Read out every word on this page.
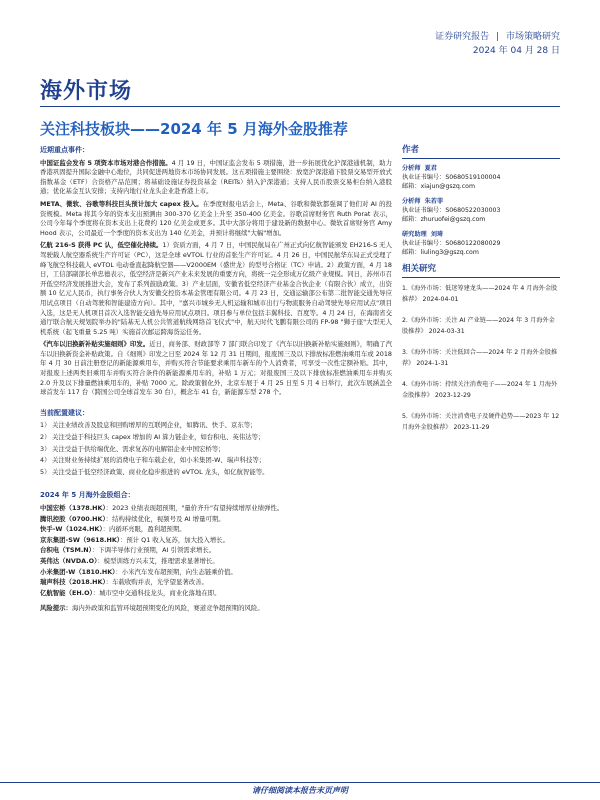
证券研究报告 | 市场策略研究
2024 年 04 月 28 日
海外市场
关注科技板块——2024 年 5 月海外金股推荐
近期重点事件：

中国证监会发布 5 项资本市场对港合作措施。4 月 19 日，中国证监会发布 5 项措施，进一步拓展优化沪深港通机制，助力香港巩固提升国际金融中心地位，共同促进两地资本市场协同发展。这五项措施主要围绕：放宽沪深港通下股票交易型开放式指数基金（ETF）合资格产品范围；将基础设施证券投资基金（REITs）纳入沪深港通；支持人民币股票交易柜台纳入港股通；优化基金互认安排；支持内地行业龙头企业赴香港上市。

META、微软、谷歌等科技巨头预计加大 capex 投入。在季度财报电话会上，Meta、谷歌和微软都强调了他们对 AI 的投资规模。Meta 将其今年的资本支出预测由 300-370 亿美金上升至 350-400 亿美金。谷歌首席财务官 Ruth Porat 表示，公司今年每个季度将在资本支出上花费约 120 亿美金或更多。其中大部分将用于建设新的数据中心。微软首席财务官 Amy Hood 表示，公司最近一个季度的资本支出为 140 亿美金，并预计将继续"大幅"增加。

亿航 216-S 获得 PC 认，低空催化持续。1）资质方面，4 月 7 日，中国民航局在广州正式向亿航智能颁发 EH216-S 无人驾驶载人航空器系统生产许可证（PC），这是全球 eVTOL 行业的首张生产许可证。4 月 26 日，中国民航华东局正式受理了峰飞航空科技载人 eVTOL 电动垂直起降航空器——V2000EM（盛世龙）的型号合格证（TC）申请。2）政策方面，4 月 18 日，工信部副部长单忠德表示，低空经济是新兴产业未来发展的重要方向，将统一完全形成万亿级产业规模。同日，苏州市召开低空经济发展推进大会，发布了系列鼓励政策。3）产业层面，安徽省低空经济产业基金合伙企业（有限合伙）成立，出资额 10 亿元人民币，执行事务合伙人为安徽交控资本基金管理有限公司。4 月 23 日，交通运输部公布第二批智能交通先导应用试点项目（自动驾驶和智能建造方向）。其中，"嘉兴市城乡无人机运输和城市出行与物流服务自动驾驶先导应用试点"项目入选，这是无人机项目首次入选智能交通先导应用试点项目。项目参与单位包括丰翼科技、百度等。4 月 24 日，在海南省交通厅联合航天规划院举办的"陆基无人机公共管道航线网络首飞仪式"中，航天时代飞鹏有限公司的 FP-98 "狮子座"大型无人机系统（起飞重量 5.25 吨）实施首次邮运跨海货运任务。

《汽车以旧换新补贴实施细则》印发。近日，商务部、财政部等 7 部门联合印发了《汽车以旧换新补贴实施细则》，明确了汽车以旧换新资金补贴政策。自《细则》印发之日至 2024 年 12 月 31 日期间，报废国三及以下排放标准燃油乘用车或 2018 年 4 月 30 日前注册登记的新能源乘用车，并购买符合节能要求乘用车新车的个人消费者，可享受一次性定额补贴。其中，对报废上述两类旧乘用车并购买符合条件的新能源乘用车的，补贴 1 万元；对报废国三及以下排放标准燃油乘用车并购买 2.0 升及以下排量燃油乘用车的，补贴 7000 元。除政策催化外，北京车展于 4 月 25 日至 5 月 4 日举行，此次车展涵盖全球首发车 117 台（跨国公司全球首发车 30 台），概念车 41 台，新能源车型 278 个。

当前配置建议：
1） 关注业绩改善及股息和回购增厚的互联网企业，如腾讯、快手、京东等；
2） 关注受益于科技巨头 capex 增加的 AI 算力链企业，如台积电、英伟达等；
3） 关注受益于供给端优化、需求复苏的电解铝企业中国宏桥等；
4） 关注财业务持续扩展的消费电子和车载企业，如小米集团-W、瑞声科技等；
5） 关注受益于低空经济政策、商业化稳步推进的 eVTOL 龙头，如亿航智能等。
2024 年 5 月海外金股组合：
中国宏桥（1378.HK）：2023 业绩表现超预期，"量价齐升"有望持续增厚业绩弹性。
腾讯控股（0700.HK）：结构持续优化，视频号及 AI 增量可期。
快手-W（1024.HK）：内循环亮眼，盈利超预期。
京东集团-SW（9618.HK）：预计 Q1 收入复苏，加大投入增长。
台积电（TSM.N）：下调半导体行业预期，AI 引领需求增长。
英伟达（NVDA.O）：模型训练方兴未艾，推理需求显著增长。
小米集团-W（1810.HK）：小米汽车发布超预期，向生态链乘价值。
瑞声科技（2018.HK）：车载收购并表，光学望显著改善。
亿航智能（EH.O）：城市空中交通科技龙头，商业化落地在即。
风险提示：海内外政策和监管环境超预期变化的风险，赛道竞争超预期的风险。
作者
分析师 夏君
执业证书编号：S0680519100004
邮箱：xiajun@gszq.com
分析师 朱若菲
执业证书编号：S0680522030003
邮箱：zhuruofei@gszq.com
研究助理 刘琦
执业证书编号：S0680122080029
邮箱：liuling3@gszq.com
相关研究
1.《海外市场：低迷筹建龙头——2024 年 4 月海外金股推荐》 2024-04-01
2.《海外市场：关注 AI 产业链——2024 年 3 月海外金股推荐》 2024-03-31
3.《海外市场：关注低回合——2024 年 2 月海外金股推荐》 2024-1-31
4.《海外市场：持续关注消费电子——2024 年 1 月海外金股推荐》 2023-12-29
5.《海外市场：关注消费电子及硬件趋势——2023 年 12 月海外金股推荐》 2023-11-29
请仔细阅读本报告末页声明
